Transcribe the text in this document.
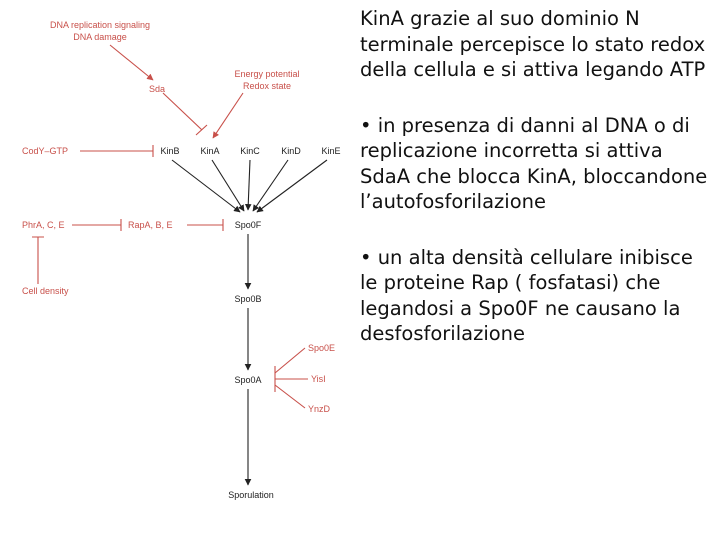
DNA replication signaling
DNA damage
Sda
Energy potential
Redox state
CodY–GTP
PhrA, C, E	RapA, B, E
Cell density
Spo0E
YisI
YnzD
KinB KinA KinC KinD KinE
Spo0F
Spo0B
Spo0A
Sporulation

KinA grazie al suo dominio N terminale percepisce lo stato redox della cellula e si attiva legando ATP

• in presenza di danni al DNA o di replicazione incorretta si attiva SdaA che blocca KinA, bloccandone l’autofosforilazione

• un alta densità cellulare inibisce le proteine Rap ( fosfatasi) che legandosi a Spo0F ne causano la desfosforilazione
